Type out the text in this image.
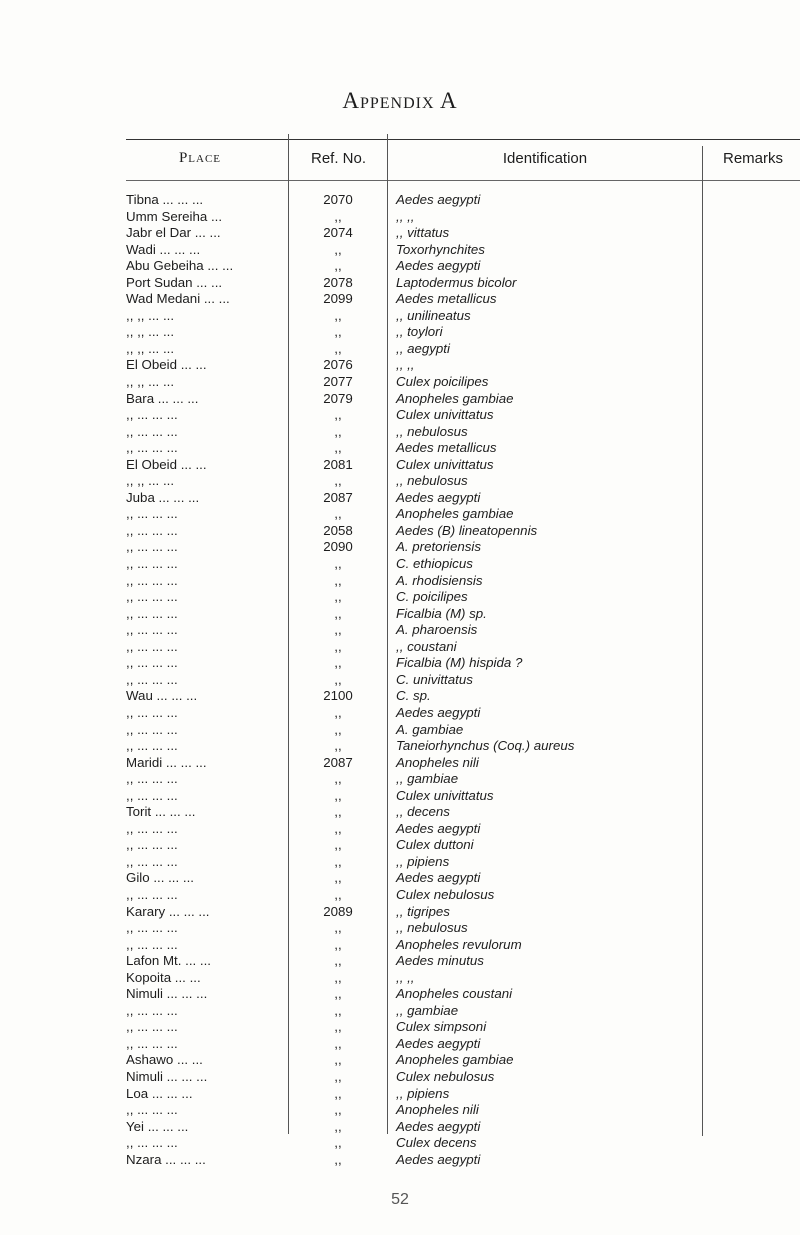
Appendix A
Place	Ref. No.	Identification	Remarks
Tibna ... ... ...	2070	Aedes aegypti
Umm Sereiha ...	,,	,, ,,
Jabr el Dar ... ...	2074	,, vittatus
Wadi ... ... ...	,,	Toxorhynchites
Abu Gebeiha ... ...	,,	Aedes aegypti
Port Sudan ... ...	2078	Laptodermus bicolor
Wad Medani ... ...	2099	Aedes metallicus
,, ,, ... ...	,,	,, unilineatus
,, ,, ... ...	,,	,, toylori
,, ,, ... ...	,,	,, aegypti
El Obeid ... ...	2076	,, ,,
,, ,, ... ...	2077	Culex poicilipes
Bara ... ... ...	2079	Anopheles gambiae
,, ... ... ...	,,	Culex univittatus
,, ... ... ...	,,	,, nebulosus
,, ... ... ...	,,	Aedes metallicus
El Obeid ... ...	2081	Culex univittatus
,, ,, ... ...	,,	,, nebulosus
Juba ... ... ...	2087	Aedes aegypti
,, ... ... ...	,,	Anopheles gambiae
,, ... ... ...	2058	Aedes (B) lineatopennis
,, ... ... ...	2090	A. pretoriensis
,, ... ... ...	,,	C. ethiopicus
,, ... ... ...	,,	A. rhodisiensis
,, ... ... ...	,,	C. poicilipes
,, ... ... ...	,,	Ficalbia (M) sp.
,, ... ... ...	,,	A. pharoensis
,, ... ... ...	,,	,, coustani
,, ... ... ...	,,	Ficalbia (M) hispida ?
,, ... ... ...	,,	C. univittatus
Wau ... ... ...	2100	C. sp.
,, ... ... ...	,,	Aedes aegypti
,, ... ... ...	,,	A. gambiae
,, ... ... ...	,,	Taneiorhynchus (Coq.) aureus
Maridi ... ... ...	2087	Anopheles nili
,, ... ... ...	,,	,, gambiae
,, ... ... ...	,,	Culex univittatus
Torit ... ... ...	,,	,, decens
,, ... ... ...	,,	Aedes aegypti
,, ... ... ...	,,	Culex duttoni
,, ... ... ...	,,	,, pipiens
Gilo ... ... ...	,,	Aedes aegypti
,, ... ... ...	,,	Culex nebulosus
Karary ... ... ...	2089	,, tigripes
,, ... ... ...	,,	,, nebulosus
,, ... ... ...	,,	Anopheles revulorum
Lafon Mt. ... ...	,,	Aedes minutus
Kopoita ... ...	,,	,, ,,
Nimuli ... ... ...	,,	Anopheles coustani
,, ... ... ...	,,	,, gambiae
,, ... ... ...	,,	Culex simpsoni
,, ... ... ...	,,	Aedes aegypti
Ashawo ... ...	,,	Anopheles gambiae
Nimuli ... ... ...	,,	Culex nebulosus
Loa ... ... ...	,,	,, pipiens
,, ... ... ...	,,	Anopheles nili
Yei ... ... ...	,,	Aedes aegypti
,, ... ... ...	,,	Culex decens
Nzara ... ... ...	,,	Aedes aegypti
52
